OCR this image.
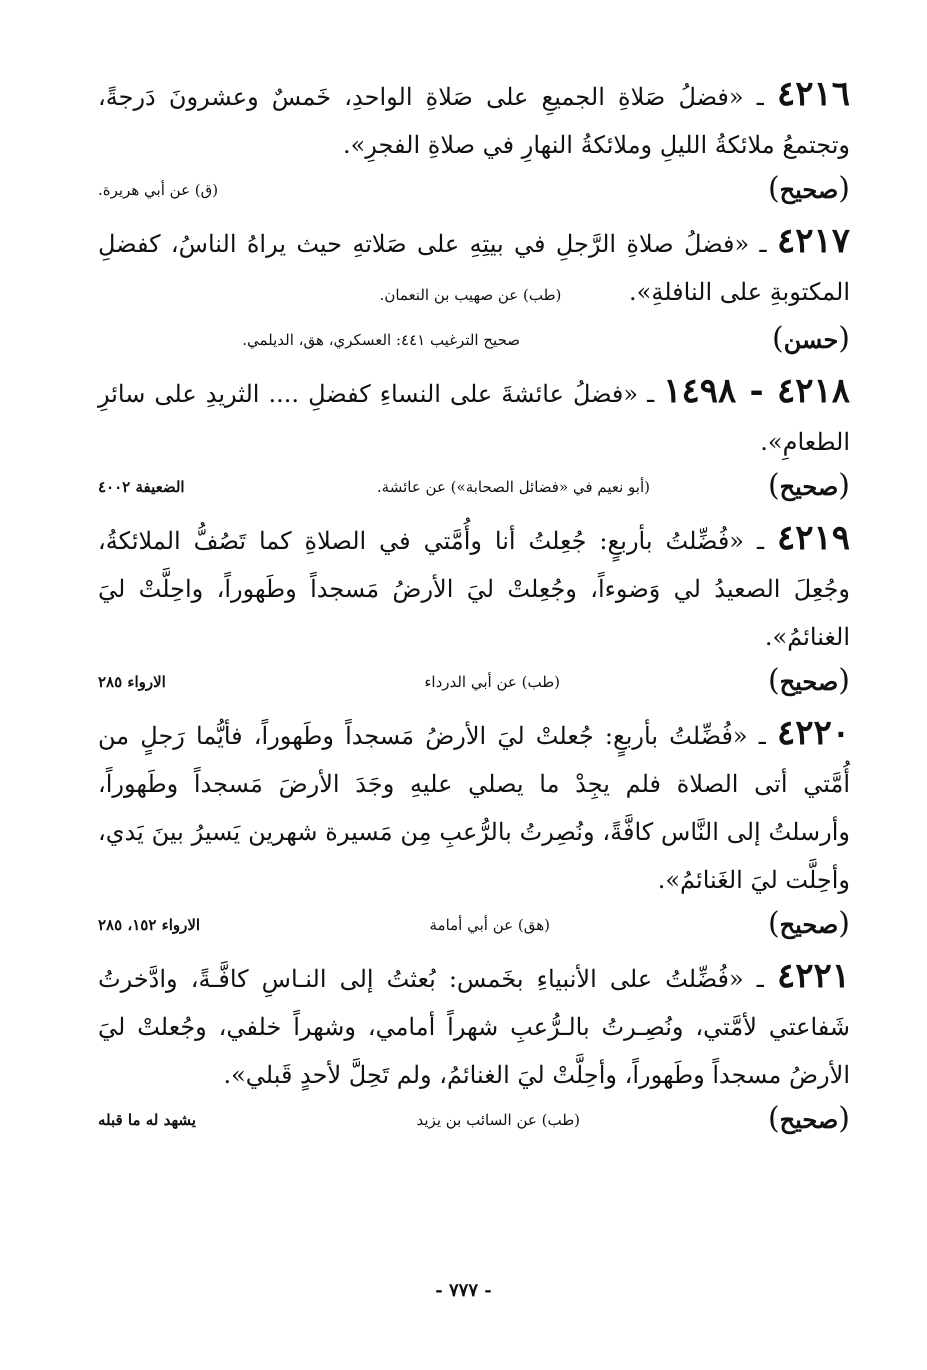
٤٢١٦ ـ «فضلُ صَلاةِ الجميعِ على صَلاةِ الواحدِ، خَمسٌ وعشرونَ دَرجةً، وتجتمعُ ملائكةُ الليلِ وملائكةُ النهارِ في صلاةِ الفجرِ».

(صحيح)
(ق) عن أبي هريرة.

٤٢١٧ ـ «فضلُ صلاةِ الرَّجلِ في بيتِهِ على صَلاتهِ حيث يراهُ الناسُ، كفضلِ المكتوبةِ على النافلةِ». (طب) عن صهيب بن النعمان.

(حسن)
صحيح الترغيب ٤٤١: العسكري، هق، الديلمي.

٤٢١٨ - ١٤٩٨ ـ «فضلُ عائشةَ على النساءِ كفضلِ .... الثريدِ على سائرِ الطعامِ».

(صحيح)
(أبو نعيم في «فضائل الصحابة») عن عائشة.
الضعيفة ٤٠٠٢

٤٢١٩ ـ «فُضِّلتُ بأربعٍ: جُعِلتُ أنا وأُمَّتي في الصلاةِ كما تَصُفُّ الملائكةُ، وجُعِلَ الصعيدُ لي وَضوءاً، وجُعِلتْ ليَ الأرضُ مَسجداً وطَهوراً، واحِلَّتْ ليَ الغنائمُ».

(صحيح)
(طب) عن أبي الدرداء
الارواء ٢٨٥

٤٢٢٠ ـ «فُضِّلتُ بأربعٍ: جُعلتْ ليَ الأرضُ مَسجداً وطَهوراً، فأيُّما رَجلٍ من أُمَّتي أتى الصلاة فلم يجِدْ ما يصلي عليهِ وجَدَ الأرضَ مَسجداً وطَهوراً، وأرسلتُ إلى النَّاس كافَّةً، ونُصِرتُ بالرُّعبِ مِن مَسيرة شهرين يَسيرُ بينَ يَدي، وأحِلَّت ليَ الغَنائمُ».

(صحيح)
(هق) عن أبي أمامة
الارواء ١٥٢، ٢٨٥

٤٢٢١ ـ «فُضِّلتُ على الأنبياءِ بخَمس: بُعثتُ إلى النـاسِ كافَّـةً، وادَّخرتُ شَفاعتي لأمَّتي، ونُصِـرتُ بالـرُّعبِ شهراً أمامي، وشهراً خلفي، وجُعلتْ ليَ الأرضُ مسجداً وطَهوراً، وأحِلَّتْ ليَ الغنائمُ، ولم تَحِلَّ لأحدٍ قَبلي».

(صحيح)
(طب) عن السائب بن يزيد
يشهد له ما قبله
- ٧٧٧ -
